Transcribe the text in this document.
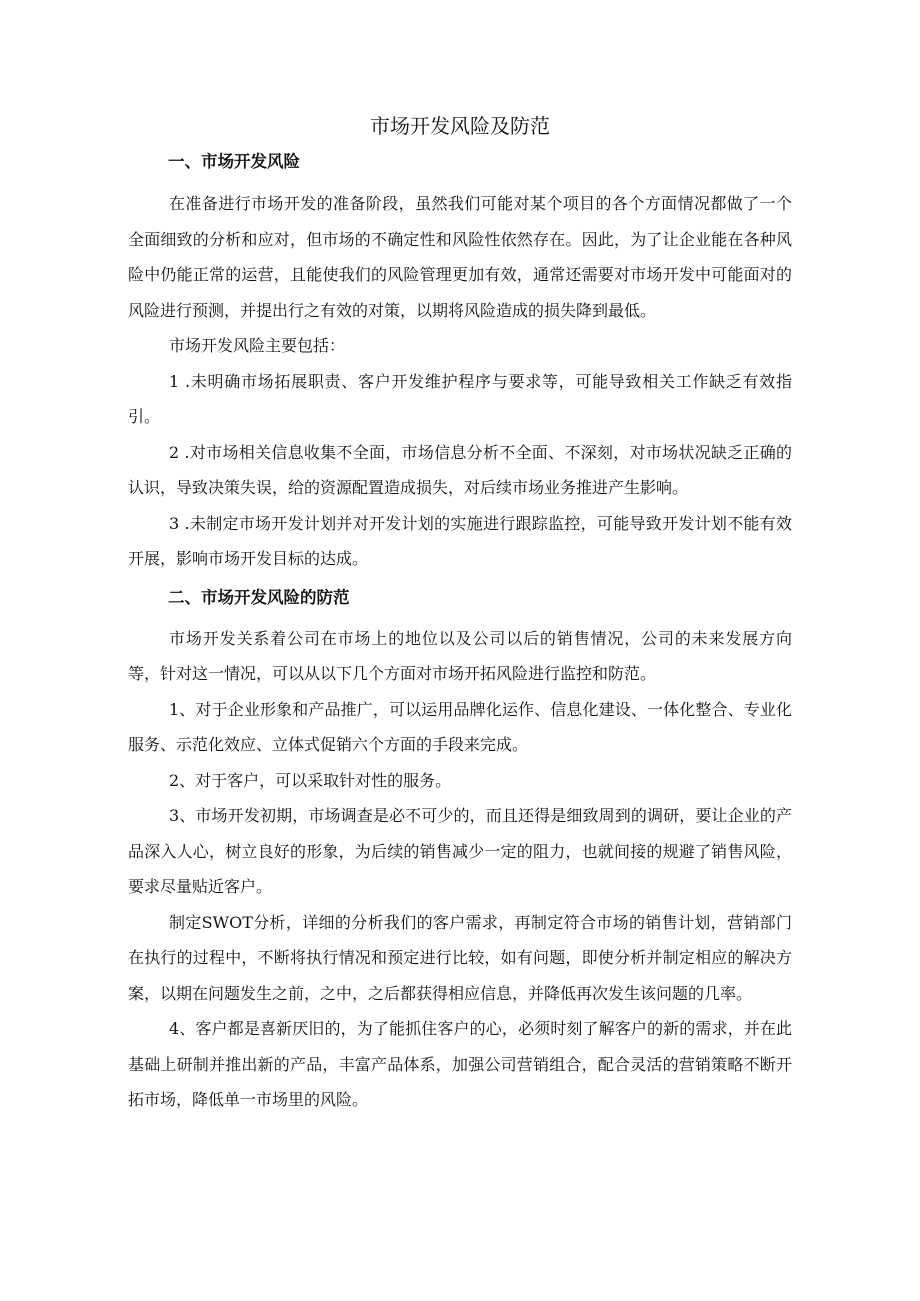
市场开发风险及防范
一、市场开发风险

在准备进行市场开发的准备阶段，虽然我们可能对某个项目的各个方面情况都做了一个全面细致的分析和应对，但市场的不确定性和风险性依然存在。因此，为了让企业能在各种风险中仍能正常的运营，且能使我们的风险管理更加有效，通常还需要对市场开发中可能面对的风险进行预测，并提出行之有效的对策，以期将风险造成的损失降到最低。

市场开发风险主要包括：

1 .未明确市场拓展职责、客户开发维护程序与要求等，可能导致相关工作缺乏有效指引。

2 .对市场相关信息收集不全面，市场信息分析不全面、不深刻，对市场状况缺乏正确的认识，导致决策失误，给的资源配置造成损失，对后续市场业务推进产生影响。

3 .未制定市场开发计划并对开发计划的实施进行跟踪监控，可能导致开发计划不能有效开展，影响市场开发目标的达成。

二、市场开发风险的防范

市场开发关系着公司在市场上的地位以及公司以后的销售情况，公司的未来发展方向等，针对这一情况，可以从以下几个方面对市场开拓风险进行监控和防范。

1、对于企业形象和产品推广，可以运用品牌化运作、信息化建设、一体化整合、专业化服务、示范化效应、立体式促销六个方面的手段来完成。

2、对于客户，可以采取针对性的服务。

3、市场开发初期，市场调查是必不可少的，而且还得是细致周到的调研，要让企业的产品深入人心，树立良好的形象，为后续的销售减少一定的阻力，也就间接的规避了销售风险，要求尽量贴近客户。

制定SWOT分析，详细的分析我们的客户需求，再制定符合市场的销售计划，营销部门在执行的过程中，不断将执行情况和预定进行比较，如有问题，即使分析并制定相应的解决方案，以期在问题发生之前，之中，之后都获得相应信息，并降低再次发生该问题的几率。

4、客户都是喜新厌旧的，为了能抓住客户的心，必须时刻了解客户的新的需求，并在此基础上研制并推出新的产品，丰富产品体系，加强公司营销组合，配合灵活的营销策略不断开拓市场，降低单一市场里的风险。
